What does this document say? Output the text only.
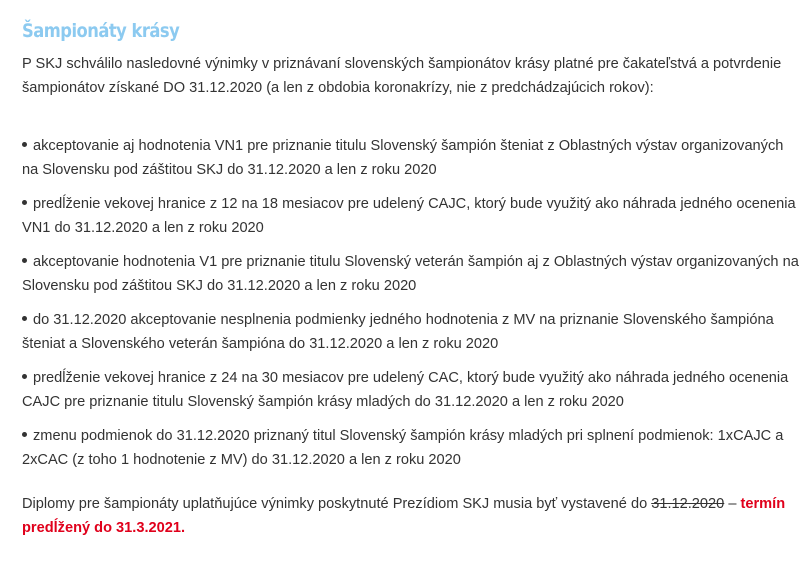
Šampionáty krásy

P SKJ schválilo nasledovné výnimky v priznávaní slovenských šampionátov krásy platné pre čakateľstvá a potvrdenie šampionátov získané DO 31.12.2020 (a len z obdobia koronakrízy, nie z predchádzajúcich rokov):

akceptovanie aj hodnotenia VN1 pre priznanie titulu Slovenský šampión šteniat z Oblastných výstav organizovaných na Slovensku pod záštitou SKJ do 31.12.2020 a len z roku 2020
predĺženie vekovej hranice z 12 na 18 mesiacov pre udelený CAJC, ktorý bude využitý ako náhrada jedného ocenenia VN1 do 31.12.2020 a len z roku 2020
akceptovanie hodnotenia V1 pre priznanie titulu Slovenský veterán šampión aj z Oblastných výstav organizovaných na Slovensku pod záštitou SKJ do 31.12.2020 a len z roku 2020
do 31.12.2020 akceptovanie nesplnenia podmienky jedného hodnotenia z MV na priznanie Slovenského šampióna šteniat a Slovenského veterán šampióna do 31.12.2020 a len z roku 2020
predĺženie vekovej hranice z 24 na 30 mesiacov pre udelený CAC, ktorý bude využitý ako náhrada jedného ocenenia CAJC pre priznanie titulu Slovenský šampión krásy mladých do 31.12.2020 a len z roku 2020
zmenu podmienok do 31.12.2020 priznaný titul Slovenský šampión krásy mladých pri splnení podmienok: 1xCAJC a 2xCAC (z toho 1 hodnotenie z MV) do 31.12.2020 a len z roku 2020

Diplomy pre šampionáty uplatňujúce výnimky poskytnuté Prezídiom SKJ musia byť vystavené do 31.12.2020 – termín predĺžený do 31.3.2021.
